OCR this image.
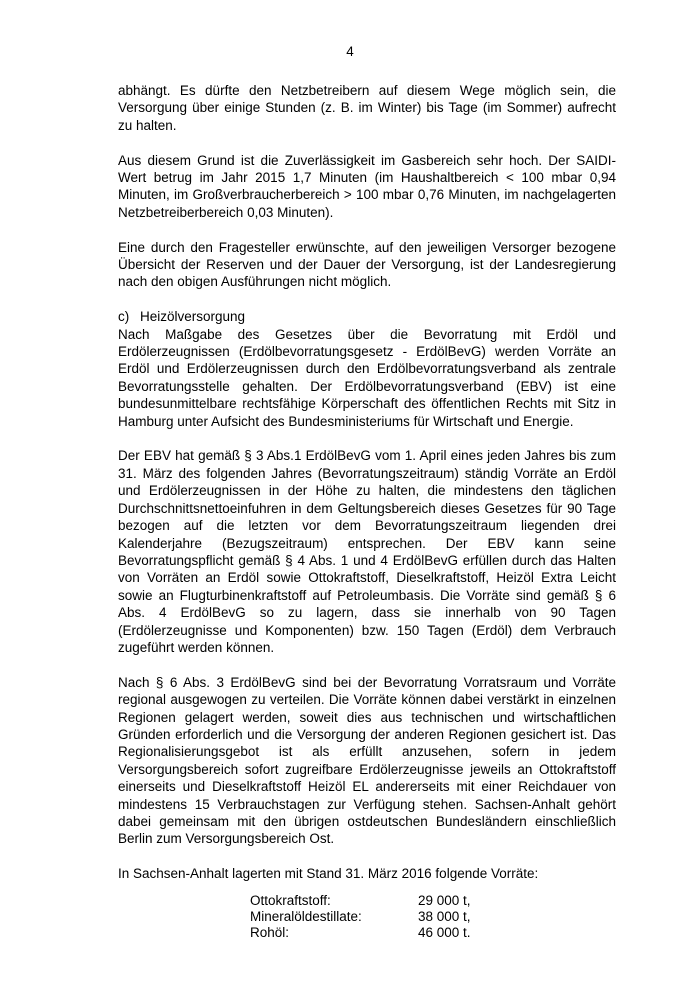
4

abhängt. Es dürfte den Netzbetreibern auf diesem Wege möglich sein, die Versorgung über einige Stunden (z. B. im Winter) bis Tage (im Sommer) aufrecht zu halten.

Aus diesem Grund ist die Zuverlässigkeit im Gasbereich sehr hoch. Der SAIDI-Wert betrug im Jahr 2015 1,7 Minuten (im Haushaltbereich < 100 mbar 0,94 Minuten, im Großverbraucherbereich > 100 mbar 0,76 Minuten, im nachgelagerten Netzbetreiberbereich 0,03 Minuten).

Eine durch den Fragesteller erwünschte, auf den jeweiligen Versorger bezogene Übersicht der Reserven und der Dauer der Versorgung, ist der Landesregierung nach den obigen Ausführungen nicht möglich.

c) Heizölversorgung

Nach Maßgabe des Gesetzes über die Bevorratung mit Erdöl und Erdölerzeugnissen (Erdölbevorratungsgesetz - ErdölBevG) werden Vorräte an Erdöl und Erdölerzeugnissen durch den Erdölbevorratungsverband als zentrale Bevorratungsstelle gehalten. Der Erdölbevorratungsverband (EBV) ist eine bundesunmittelbare rechtsfähige Körperschaft des öffentlichen Rechts mit Sitz in Hamburg unter Aufsicht des Bundesministeriums für Wirtschaft und Energie.

Der EBV hat gemäß § 3 Abs.1 ErdölBevG vom 1. April eines jeden Jahres bis zum 31. März des folgenden Jahres (Bevorratungszeitraum) ständig Vorräte an Erdöl und Erdölerzeugnissen in der Höhe zu halten, die mindestens den täglichen Durchschnittsnettoeinfuhren in dem Geltungsbereich dieses Gesetzes für 90 Tage bezogen auf die letzten vor dem Bevorratungszeitraum liegenden drei Kalenderjahre (Bezugszeitraum) entsprechen. Der EBV kann seine Bevorratungspflicht gemäß § 4 Abs. 1 und 4 ErdölBevG erfüllen durch das Halten von Vorräten an Erdöl sowie Ottokraftstoff, Dieselkraftstoff, Heizöl Extra Leicht sowie an Flugturbinenkraftstoff auf Petroleumbasis. Die Vorräte sind gemäß § 6 Abs. 4 ErdölBevG so zu lagern, dass sie innerhalb von 90 Tagen (Erdölerzeugnisse und Komponenten) bzw. 150 Tagen (Erdöl) dem Verbrauch zugeführt werden können.

Nach § 6 Abs. 3 ErdölBevG sind bei der Bevorratung Vorratsraum und Vorräte regional ausgewogen zu verteilen. Die Vorräte können dabei verstärkt in einzelnen Regionen gelagert werden, soweit dies aus technischen und wirtschaftlichen Gründen erforderlich und die Versorgung der anderen Regionen gesichert ist. Das Regionalisierungsgebot ist als erfüllt anzusehen, sofern in jedem Versorgungsbereich sofort zugreifbare Erdölerzeugnisse jeweils an Ottokraftstoff einerseits und Dieselkraftstoff Heizöl EL andererseits mit einer Reichdauer von mindestens 15 Verbrauchstagen zur Verfügung stehen. Sachsen-Anhalt gehört dabei gemeinsam mit den übrigen ostdeutschen Bundesländern einschließlich Berlin zum Versorgungsbereich Ost.

In Sachsen-Anhalt lagerten mit Stand 31. März 2016 folgende Vorräte:

Ottokraftstoff:	29 000 t,
Mineralöldestillate:	38 000 t,
Rohöl:	46 000 t.
